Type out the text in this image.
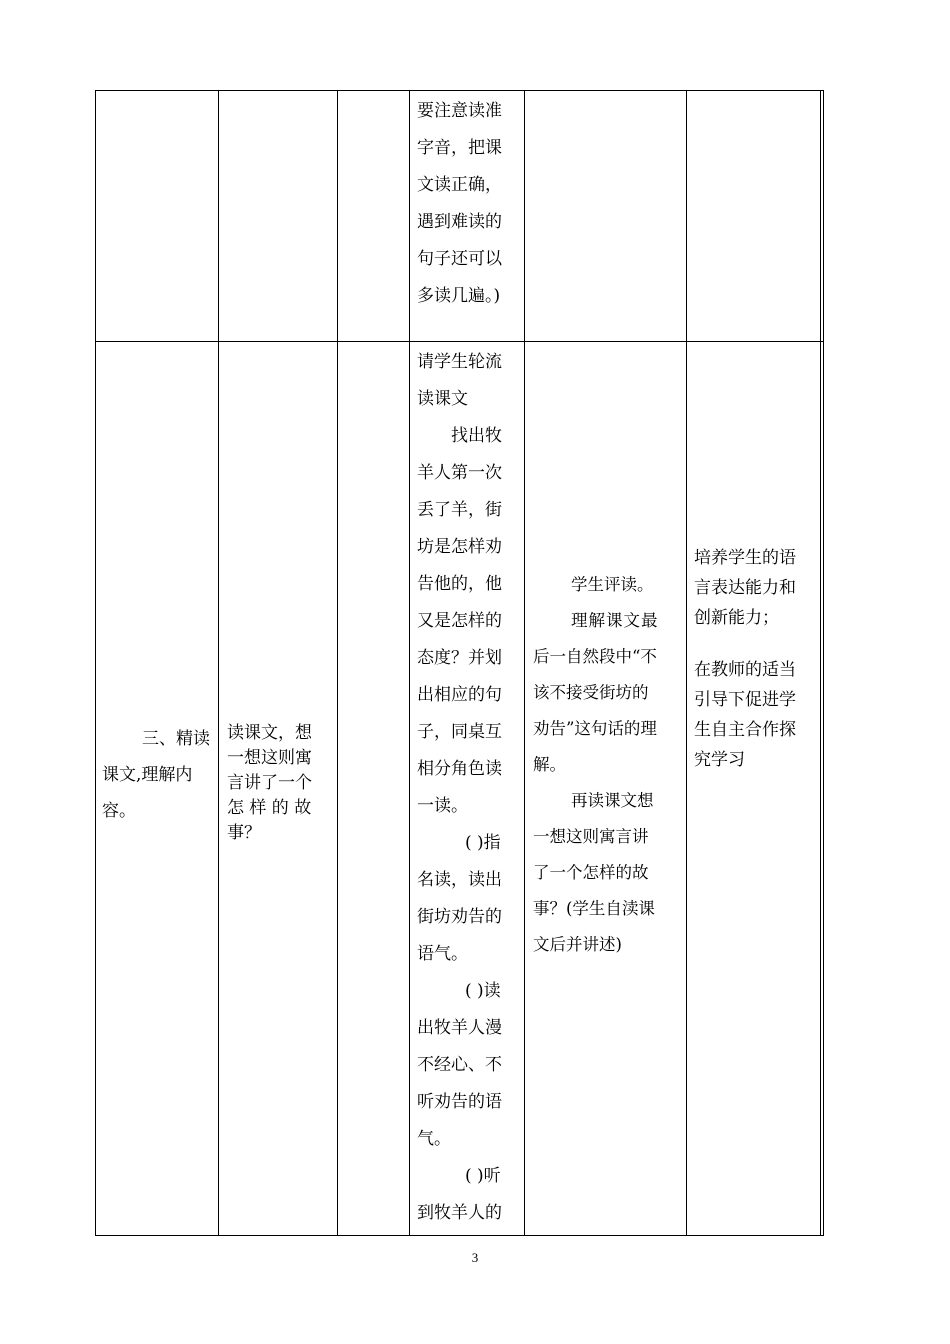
要注意读准
字音，把课
文读正确，
遇到难读的
句子还可以
多读几遍。)
三、精读
课文,理解内
容。
读课文，想
一想这则寓
言讲了一个
怎 样 的 故
事？
请学生轮流
读课文
找出牧
羊人第一次
丢了羊，街
坊是怎样劝
告他的，他
又是怎样的
态度？并划
出相应的句
子，同桌互
相分角色读
一读。
( )指
名读，读出
街坊劝告的
语气。
( )读
出牧羊人漫
不经心、不
听劝告的语
气。
( )听
到牧羊人的
学生评读。
理解课文最
后一自然段中“不
该不接受街坊的
劝告”这句话的理
解。
再读课文想
一想这则寓言讲
了一个怎样的故
事？(学生自渎课
文后并讲述)
培养学生的语
言表达能力和
创新能力；
在教师的适当
引导下促进学
生自主合作探
究学习
3
